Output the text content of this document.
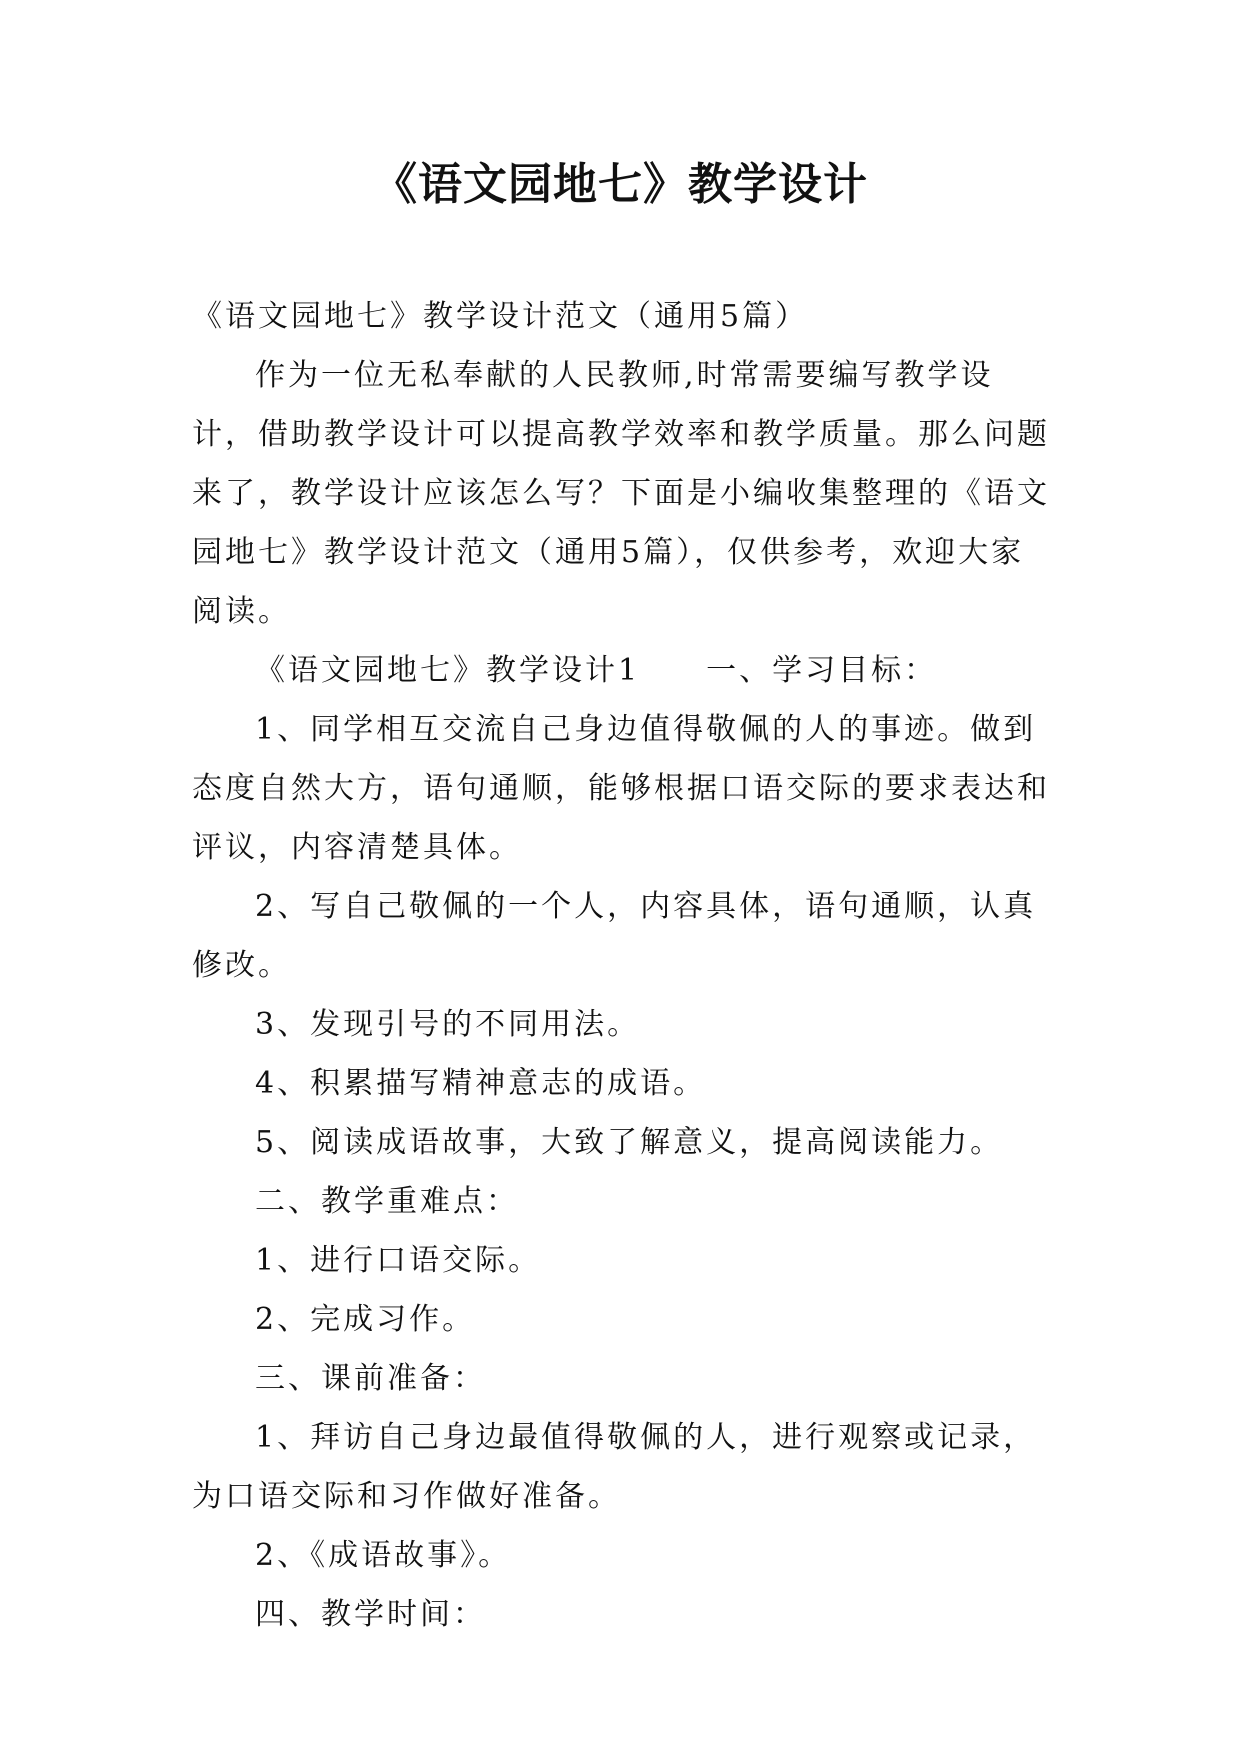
《语文园地七》教学设计

《语文园地七》教学设计范文（通用5篇）

作为一位无私奉献的人民教师,时常需要编写教学设计，借助教学设计可以提高教学效率和教学质量。那么问题来了，教学设计应该怎么写？下面是小编收集整理的《语文园地七》教学设计范文（通用5篇），仅供参考，欢迎大家阅读。

《语文园地七》教学设计1　　一、学习目标：

1、同学相互交流自己身边值得敬佩的人的事迹。做到态度自然大方，语句通顺，能够根据口语交际的要求表达和评议，内容清楚具体。

2、写自己敬佩的一个人，内容具体，语句通顺，认真修改。

3、发现引号的不同用法。

4、积累描写精神意志的成语。

5、阅读成语故事，大致了解意义，提高阅读能力。

二、教学重难点：

1、进行口语交际。

2、完成习作。

三、课前准备：

1、拜访自己身边最值得敬佩的人，进行观察或记录，为口语交际和习作做好准备。

2、《成语故事》。

四、教学时间：
